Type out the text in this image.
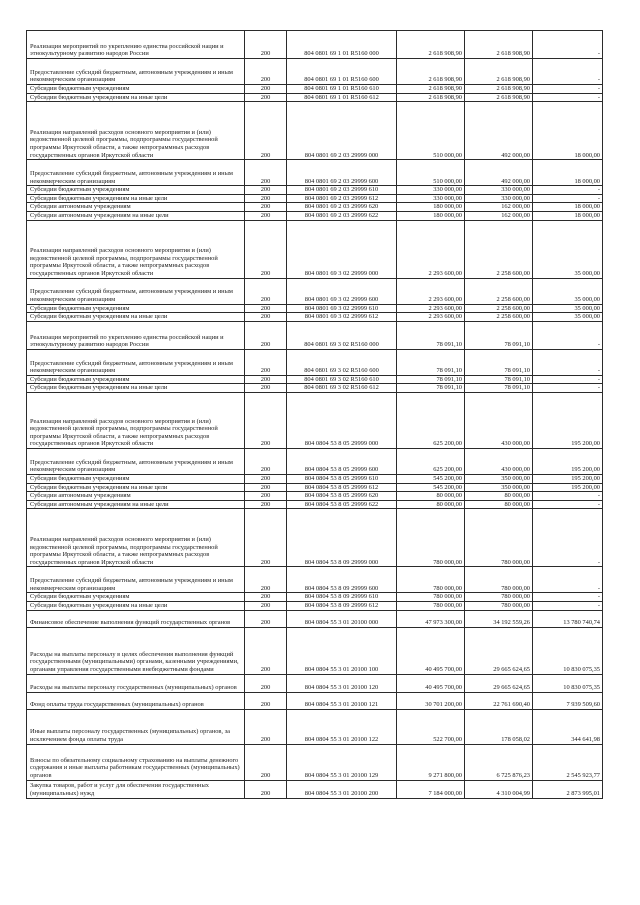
Реализация мероприятий по укреплению единства российской нации и этнокультурному развитию народов России	200	804 0801 69 1 01 R5160 000	2 618 908,90	2 618 908,90	-

Предоставление субсидий бюджетным, автономным учреждениям и иным некоммерческим организациям	200	804 0801 69 1 01 R5160 600	2 618 908,90	2 618 908,90	-

Субсидии бюджетным учреждениям	200	804 0801 69 1 01 R5160 610	2 618 908,90	2 618 908,90	-

Субсидии бюджетным учреждениям на иные цели	200	804 0801 69 1 01 R5160 612	2 618 908,90	2 618 908,90	-

Реализация направлений расходов основного мероприятия и (или) ведомственной целевой программы, подпрограммы государственной программы Иркутской области, а также непрограммных расходов государственных органов Иркутской области	200	804 0801 69 2 03 29999 000	510 000,00	492 000,00	18 000,00

Предоставление субсидий бюджетным, автономным учреждениям и иным некоммерческим организациям	200	804 0801 69 2 03 29999 600	510 000,00	492 000,00	18 000,00

Субсидии бюджетным учреждениям	200	804 0801 69 2 03 29999 610	330 000,00	330 000,00	-

Субсидии бюджетным учреждениям на иные цели	200	804 0801 69 2 03 29999 612	330 000,00	330 000,00	-

Субсидии автономным учреждениям	200	804 0801 69 2 03 29999 620	180 000,00	162 000,00	18 000,00

Субсидии автономным учреждениям на иные цели	200	804 0801 69 2 03 29999 622	180 000,00	162 000,00	18 000,00

Реализация направлений расходов основного мероприятия и (или) ведомственной целевой программы, подпрограммы государственной программы Иркутской области, а также непрограммных расходов государственных органов Иркутской области	200	804 0801 69 3 02 29999 000	2 293 600,00	2 258 600,00	35 000,00

Предоставление субсидий бюджетным, автономным учреждениям и иным некоммерческим организациям	200	804 0801 69 3 02 29999 600	2 293 600,00	2 258 600,00	35 000,00

Субсидии бюджетным учреждениям	200	804 0801 69 3 02 29999 610	2 293 600,00	2 258 600,00	35 000,00

Субсидии бюджетным учреждениям на иные цели	200	804 0801 69 3 02 29999 612	2 293 600,00	2 258 600,00	35 000,00

Реализация мероприятий по укреплению единства российской нации и этнокультурному развитию народов России	200	804 0801 69 3 02 R5160 000	78 091,10	78 091,10	-

Предоставление субсидий бюджетным, автономным учреждениям и иным некоммерческим организациям	200	804 0801 69 3 02 R5160 600	78 091,10	78 091,10	-

Субсидии бюджетным учреждениям	200	804 0801 69 3 02 R5160 610	78 091,10	78 091,10	-

Субсидии бюджетным учреждениям на иные цели	200	804 0801 69 3 02 R5160 612	78 091,10	78 091,10	-

Реализация направлений расходов основного мероприятия и (или) ведомственной целевой программы, подпрограммы государственной программы Иркутской области, а также непрограммных расходов государственных органов Иркутской области	200	804 0804 53 8 05 29999 000	625 200,00	430 000,00	195 200,00

Предоставление субсидий бюджетным, автономным учреждениям и иным некоммерческим организациям	200	804 0804 53 8 05 29999 600	625 200,00	430 000,00	195 200,00

Субсидии бюджетным учреждениям	200	804 0804 53 8 05 29999 610	545 200,00	350 000,00	195 200,00

Субсидии бюджетным учреждениям на иные цели	200	804 0804 53 8 05 29999 612	545 200,00	350 000,00	195 200,00

Субсидии автономным учреждениям	200	804 0804 53 8 05 29999 620	80 000,00	80 000,00	-

Субсидии автономным учреждениям на иные цели	200	804 0804 53 8 05 29999 622	80 000,00	80 000,00	-

Реализация направлений расходов основного мероприятия и (или) ведомственной целевой программы, подпрограммы государственной программы Иркутской области, а также непрограммных расходов государственных органов Иркутской области	200	804 0804 53 8 09 29999 000	780 000,00	780 000,00	-

Предоставление субсидий бюджетным, автономным учреждениям и иным некоммерческим организациям	200	804 0804 53 8 09 29999 600	780 000,00	780 000,00	-

Субсидии бюджетным учреждениям	200	804 0804 53 8 09 29999 610	780 000,00	780 000,00	-

Субсидии бюджетным учреждениям на иные цели	200	804 0804 53 8 09 29999 612	780 000,00	780 000,00	-

Финансовое обеспечение выполнения функций государственных органов	200	804 0804 55 3 01 20100 000	47 973 300,00	34 192 559,26	13 780 740,74

Расходы на выплаты персоналу в целях обеспечения выполнения функций государственными (муниципальными) органами, казенными учреждениями, органами управления государственными внебюджетными фондами	200	804 0804 55 3 01 20100 100	40 495 700,00	29 665 624,65	10 830 075,35

Расходы на выплаты персоналу государственных (муниципальных) органов	200	804 0804 55 3 01 20100 120	40 495 700,00	29 665 624,65	10 830 075,35

Фонд оплаты труда государственных (муниципальных) органов	200	804 0804 55 3 01 20100 121	30 701 200,00	22 761 690,40	7 939 509,60

Иные выплаты персоналу государственных (муниципальных) органов, за исключением фонда оплаты труда	200	804 0804 55 3 01 20100 122	522 700,00	178 058,02	344 641,98

Взносы по обязательному социальному страхованию на выплаты денежного содержания и иные выплаты работникам государственных (муниципальных) органов	200	804 0804 55 3 01 20100 129	9 271 800,00	6 725 876,23	2 545 923,77

Закупка товаров, работ и услуг для обеспечения государственных (муниципальных) нужд	200	804 0804 55 3 01 20100 200	7 184 000,00	4 310 004,99	2 873 995,01
